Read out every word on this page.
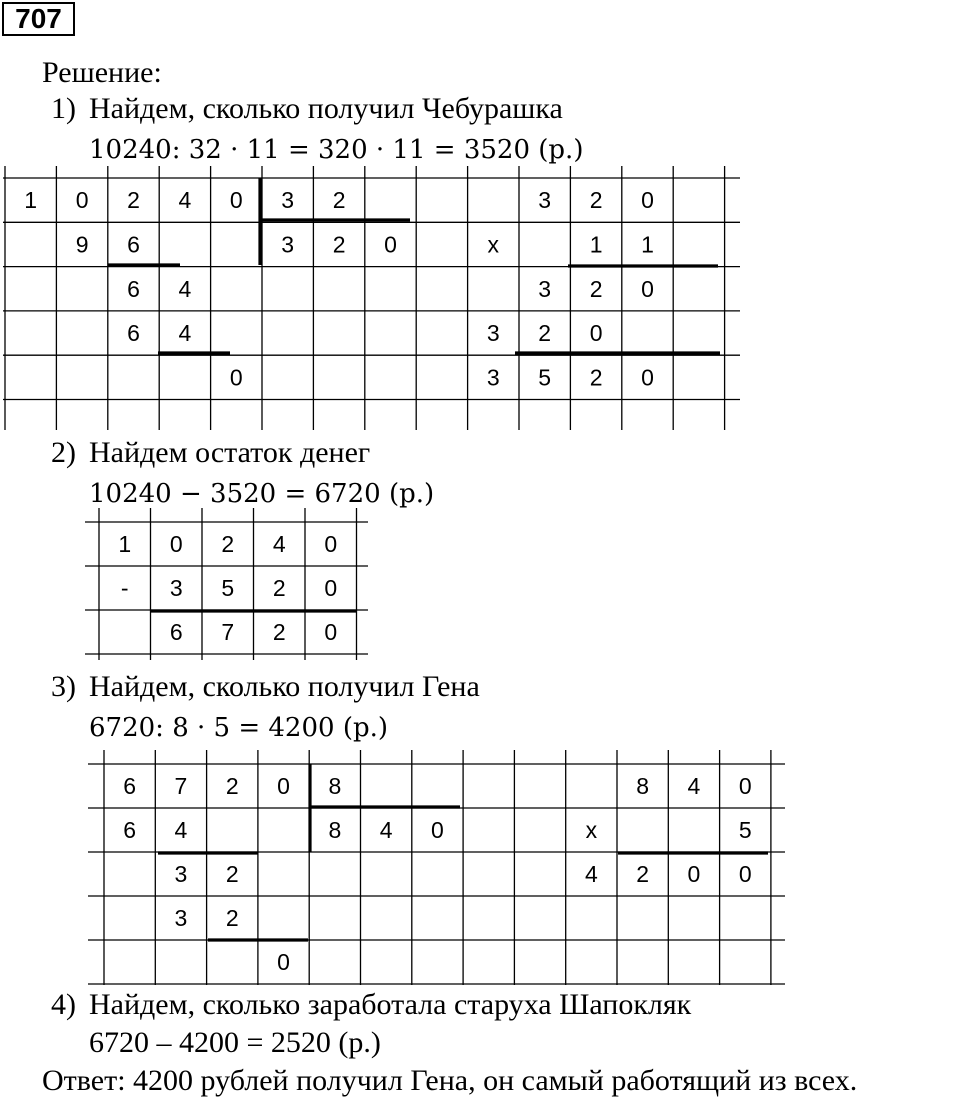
707
Решение:
1) Найдем, сколько получил Чебурашка
10240: 32 · 11 = 320 · 11 = 3520 (р.)
1 0 2 4 0 3 2	3 2 0
9 6	3 2 0	x	1 1
6 4	3 2 0
6 4	3 2 0
0	3 5 2 0
2) Найдем остаток денег
10240 − 3520 = 6720 (р.)
1 0 2 4 0
- 3 5 2 0
6 7 2 0
3) Найдем, сколько получил Гена
6720: 8 · 5 = 4200 (р.)
6 7 2 0 8	8 4 0
6 4	8 4 0	x	5
3 2	4 2 0 0
3 2
0
4) Найдем, сколько заработала старуха Шапокляк
6720 – 4200 = 2520 (р.)
Ответ: 4200 рублей получил Гена, он самый работящий из всех.
